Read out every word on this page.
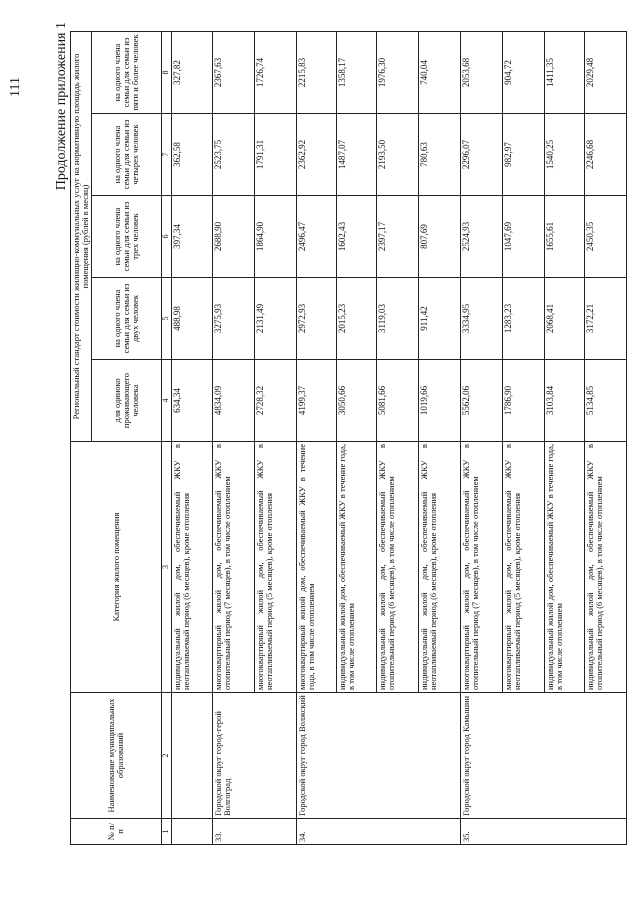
111 Продолжение приложения 1
№ п/п	Наименование муниципальных образований	Категория жилого помещения	Региональный стандарт стоимости жилищно-коммунальных услуг на нормативную площадь жилого помещения (рублей в месяц)				
			для одиноко проживающего человека	на одного члена семьи для семьи из двух человек	на одного члена семьи для семьи из трех человек	на одного члена семьи для семьи из четырех человек	на одного члена семьи для семьи из пяти и более человек
1	2	3	4	5	6	7	8
		индивидуальный жилой дом, обеспечиваемый ЖКУ в неотапливаемый период (6 месяцев), кроме отопления	634,34	488,98	397,34	362,58	327,82
33.	Городской округ город-герой Волгоград	многоквартирный жилой дом, обеспечиваемый ЖКУ в отопительный период (7 месяцев), в том числе отоплением	4834,09	3275,93	2688,90	2523,75	2367,63
		многоквартирный жилой дом, обеспечиваемый ЖКУ в неотапливаемый период (5 месяцев), кроме отопления	2728,32	2131,49	1864,90	1791,31	1726,74
34.	Городской округ город Волжский	многоквартирный жилой дом, обеспечиваемый ЖКУ в течение года, в том числе отоплением	4199,37	2972,93	2496,47	2362,92	2215,83
		индивидуальный жилой дом, обеспечиваемый ЖКУ в течение года, в том числе отоплением	3050,66	2015,23	1602,43	1487,07	1358,17
		индивидуальный жилой дом, обеспечиваемый ЖКУ в отопительный период (6 месяцев), в том числе отоплением	5081,66	3119,03	2397,17	2193,50	1976,30
		индивидуальный жилой дом, обеспечиваемый ЖКУ в неотапливаемый период (6 месяцев), кроме отопления	1019,66	911,42	807,69	780,63	740,04
35.	Городской округ город Камышин	многоквартирный жилой дом, обеспечиваемый ЖКУ в отопительный период (7 месяцев), в том числе отоплением	5562,06	3334,95	2524,93	2296,07	2053,68
		многоквартирный жилой дом, обеспечиваемый ЖКУ в неотапливаемый период (5 месяцев), кроме отопления	1786,90	1283,23	1047,69	982,97	904,72
		индивидуальный жилой дом, обеспечиваемый ЖКУ в течение года, в том числе отоплением	3103,84	2068,41	1655,61	1540,25	1411,35
		индивидуальный жилой дом, обеспечиваемый ЖКУ в отопительный период (6 месяцев), в том числе отоплением	5134,85	3172,21	2450,35	2246,68	2029,48
